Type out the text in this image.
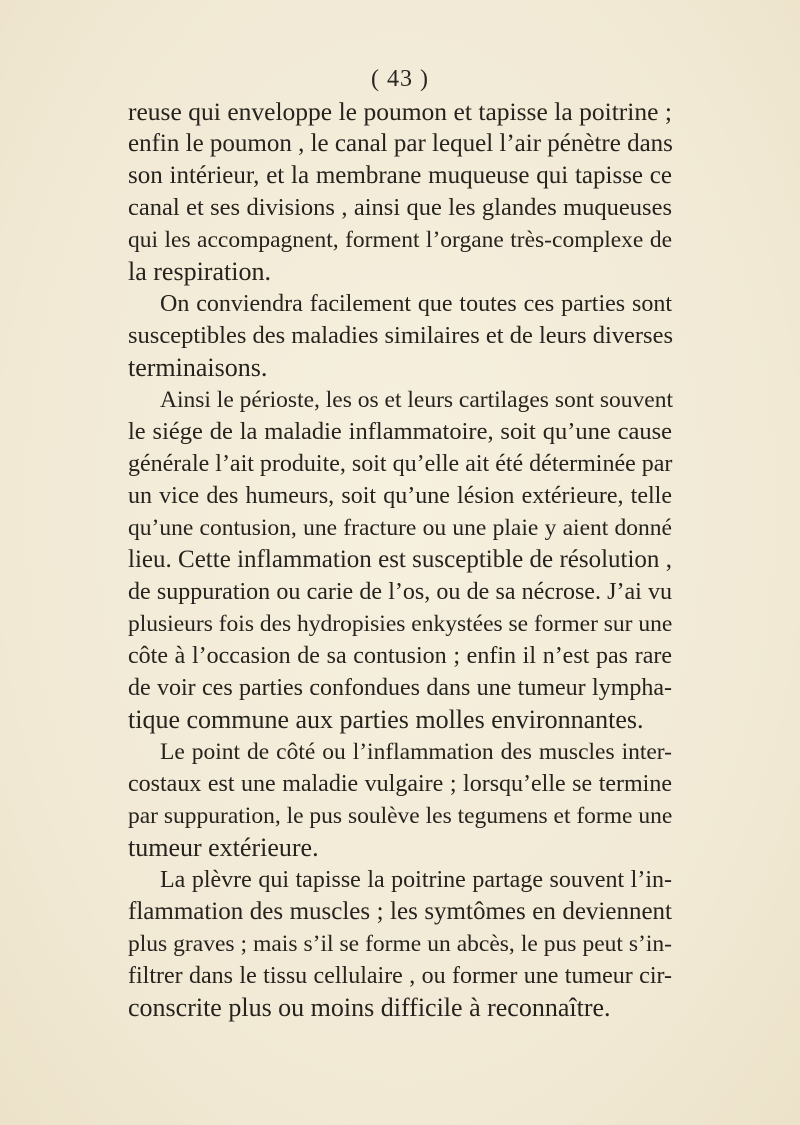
( 43 )
reuse qui enveloppe le poumon et tapisse la poitrine ;
enfin le poumon , le canal par lequel l’air pénètre dans
son intérieur, et la membrane muqueuse qui tapisse ce
canal et ses divisions , ainsi que les glandes muqueuses
qui les accompagnent, forment l’organe très-complexe de
la respiration.
On conviendra facilement que toutes ces parties sont
susceptibles des maladies similaires et de leurs diverses
terminaisons.
Ainsi le périoste, les os et leurs cartilages sont souvent
le siége de la maladie inflammatoire, soit qu’une cause
générale l’ait produite, soit qu’elle ait été déterminée par
un vice des humeurs, soit qu’une lésion extérieure, telle
qu’une contusion, une fracture ou une plaie y aient donné
lieu. Cette inflammation est susceptible de résolution ,
de suppuration ou carie de l’os, ou de sa nécrose. J’ai vu
plusieurs fois des hydropisies enkystées se former sur une
côte à l’occasion de sa contusion ; enfin il n’est pas rare
de voir ces parties confondues dans une tumeur lympha-
tique commune aux parties molles environnantes.
Le point de côté ou l’inflammation des muscles inter-
costaux est une maladie vulgaire ; lorsqu’elle se termine
par suppuration, le pus soulève les tegumens et forme une
tumeur extérieure.
La plèvre qui tapisse la poitrine partage souvent l’in-
flammation des muscles ; les symtômes en deviennent
plus graves ; mais s’il se forme un abcès, le pus peut s’in-
filtrer dans le tissu cellulaire , ou former une tumeur cir-
conscrite plus ou moins difficile à reconnaître.
